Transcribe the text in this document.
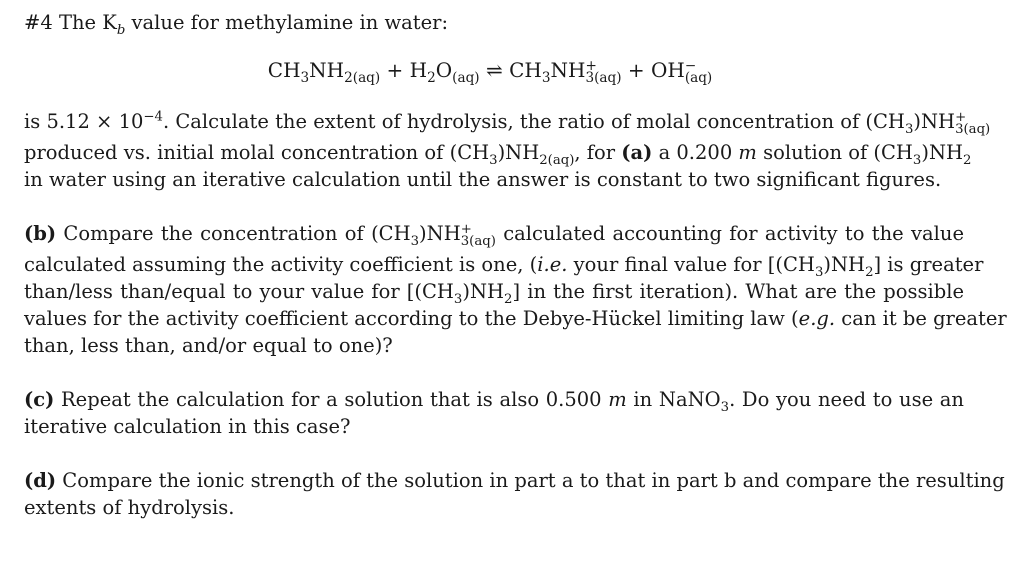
#4 The $K_b$ value for methylamine in water:
$CH_3NH_{2(aq)} + H_2O_{(aq)}$ ⇌ $CH_3NH$ +
3(aq) + OH −
(aq)
is $5.12 \times 10^{-4}$. Calculate the extent of hydrolysis, the ratio of molal concentration of $(CH_3)NH$ +
3(aq)
produced vs. initial molal concentration of $(CH_3)NH_{2(aq)}$, for (a) a 0.200 m solution of $(CH_3)NH_2$
in water using an iterative calculation until the answer is constant to two significant figures.
(b) Compare the concentration of $(CH_3)NH$ +
3(aq) calculated accounting for activity to the value
calculated assuming the activity coefficient is one, (i.e. your final value for $[(CH_3)NH_2]$ is greater
than/less than/equal to your value for $[(CH_3)NH_2]$ in the first iteration). What are the possible
values for the activity coefficient according to the Debye-Hückel limiting law (e.g. can it be greater
than, less than, and/or equal to one)?
(c) Repeat the calculation for a solution that is also 0.500 m in NaNO$_3$. Do you need to use an
iterative calculation in this case?
(d) Compare the ionic strength of the solution in part a to that in part b and compare the resulting
extents of hydrolysis.
